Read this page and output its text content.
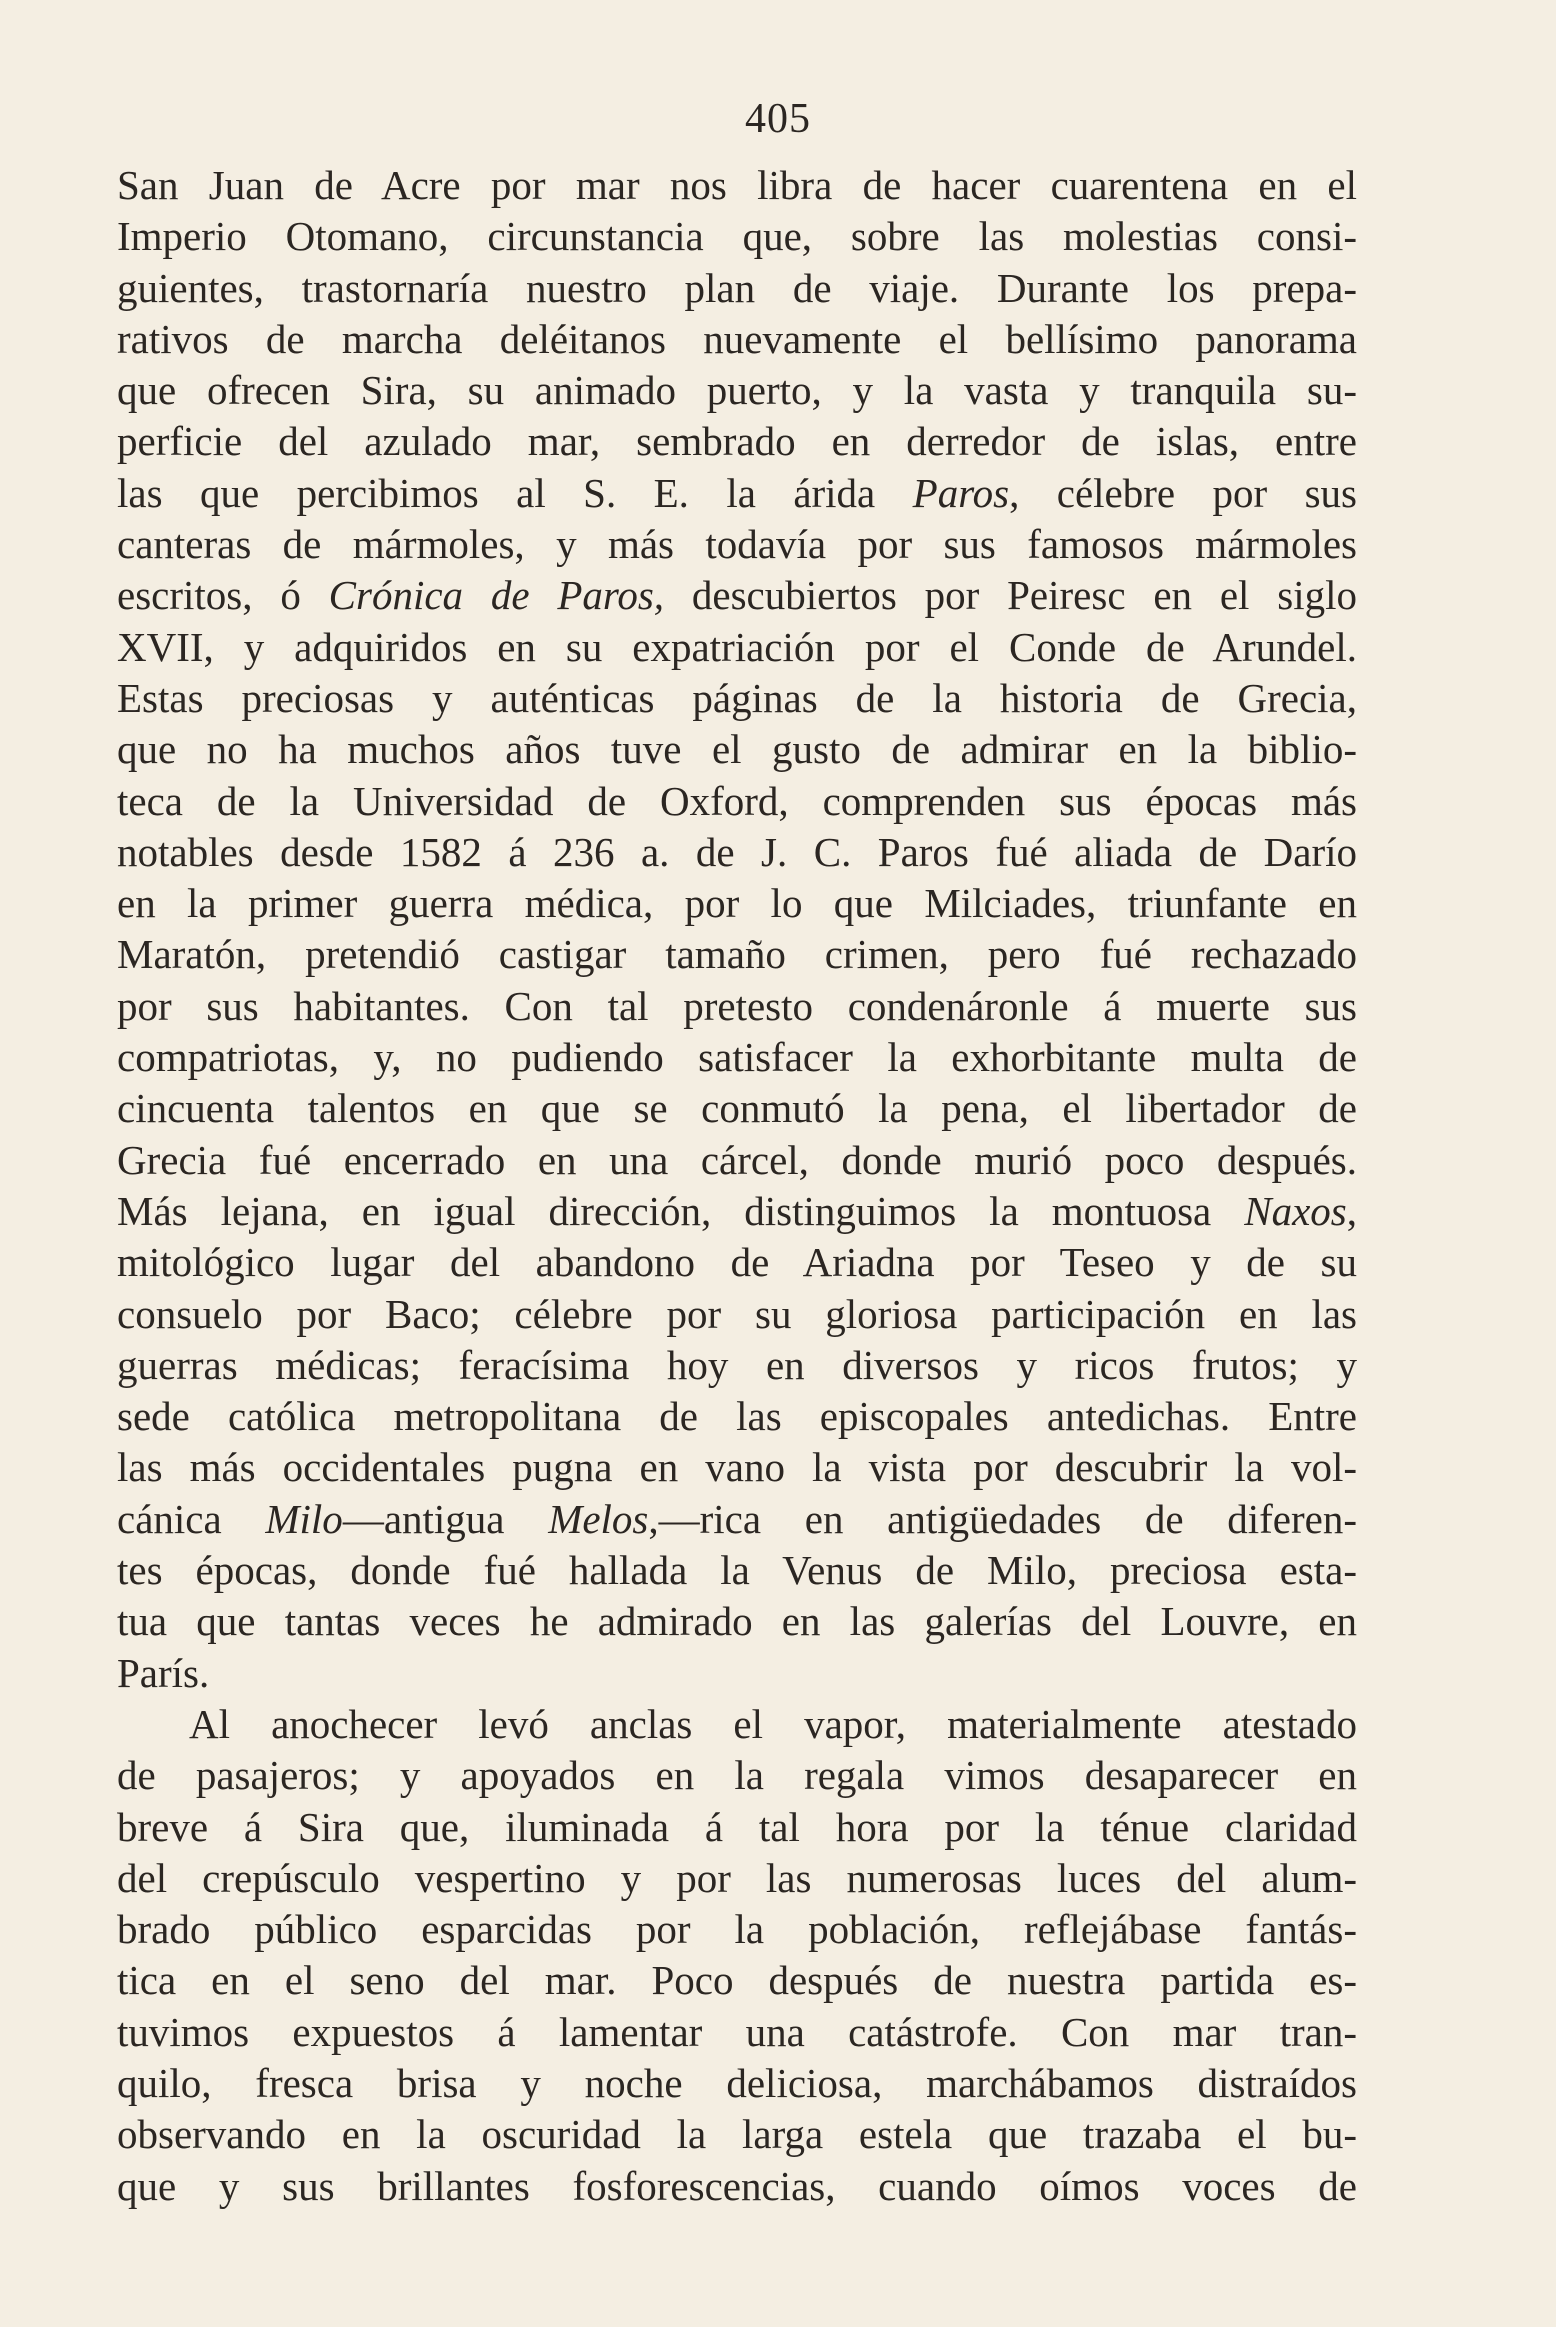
405
San Juan de Acre por mar nos libra de hacer cuarentena en el
Imperio Otomano, circunstancia que, sobre las molestias consi-
guientes, trastornaría nuestro plan de viaje. Durante los prepa-
rativos de marcha deléitanos nuevamente el bellísimo panorama
que ofrecen Sira, su animado puerto, y la vasta y tranquila su-
perficie del azulado mar, sembrado en derredor de islas, entre
las que percibimos al S. E. la árida Paros, célebre por sus
canteras de mármoles, y más todavía por sus famosos mármoles
escritos, ó Crónica de Paros, descubiertos por Peiresc en el siglo
XVII, y adquiridos en su expatriación por el Conde de Arundel.
Estas preciosas y auténticas páginas de la historia de Grecia,
que no ha muchos años tuve el gusto de admirar en la biblio-
teca de la Universidad de Oxford, comprenden sus épocas más
notables desde 1582 á 236 a. de J. C. Paros fué aliada de Darío
en la primer guerra médica, por lo que Milciades, triunfante en
Maratón, pretendió castigar tamaño crimen, pero fué rechazado
por sus habitantes. Con tal pretesto condenáronle á muerte sus
compatriotas, y, no pudiendo satisfacer la exhorbitante multa de
cincuenta talentos en que se conmutó la pena, el libertador de
Grecia fué encerrado en una cárcel, donde murió poco después.
Más lejana, en igual dirección, distinguimos la montuosa Naxos,
mitológico lugar del abandono de Ariadna por Teseo y de su
consuelo por Baco; célebre por su gloriosa participación en las
guerras médicas; feracísima hoy en diversos y ricos frutos; y
sede católica metropolitana de las episcopales antedichas. Entre
las más occidentales pugna en vano la vista por descubrir la vol-
cánica Milo—antigua Melos,—rica en antigüedades de diferen-
tes épocas, donde fué hallada la Venus de Milo, preciosa esta-
tua que tantas veces he admirado en las galerías del Louvre, en
París.
Al anochecer levó anclas el vapor, materialmente atestado
de pasajeros; y apoyados en la regala vimos desaparecer en
breve á Sira que, iluminada á tal hora por la ténue claridad
del crepúsculo vespertino y por las numerosas luces del alum-
brado público esparcidas por la población, reflejábase fantás-
tica en el seno del mar. Poco después de nuestra partida es-
tuvimos expuestos á lamentar una catástrofe. Con mar tran-
quilo, fresca brisa y noche deliciosa, marchábamos distraídos
observando en la oscuridad la larga estela que trazaba el bu-
que y sus brillantes fosforescencias, cuando oímos voces de
